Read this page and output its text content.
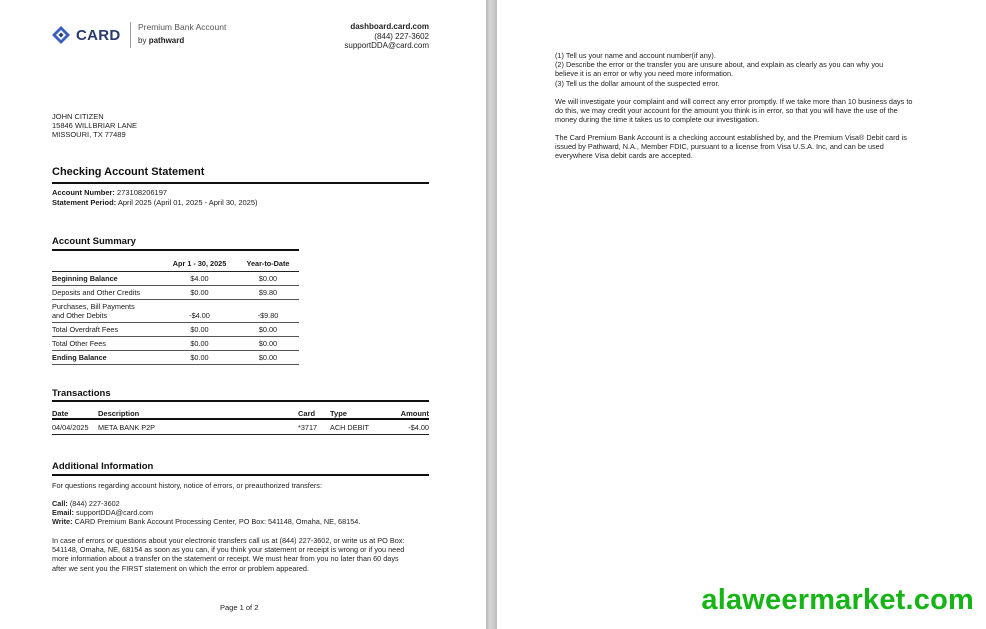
CARD Premium Bank Account
by pathward
dashboard.card.com
(844) 227-3602
supportDDA@card.com
JOHN CITIZEN
15846 WILLBRIAR LANE
MISSOURI, TX 77489
Checking Account Statement
Account Number: 273108206197
Statement Period: April 2025 (April 01, 2025 - April 30, 2025)
Account Summary
	Apr 1 - 30, 2025	Year-to-Date
Beginning Balance	$4.00	$0.00
Deposits and Other Credits	$0.00	$9.80

Purchases, Bill Payments
and Other Debits	-$4.00	-$9.80
Total Overdraft Fees	$0.00	$0.00
Total Other Fees	$0.00	$0.00
Ending Balance	$0.00	$0.00
Transactions
Date	Description	Card Type	Amount
04/04/2025 META BANK P2P	*3717 ACH DEBIT	-$4.00
Additional Information
For questions regarding account history, notice of errors, or preauthorized transfers:
Call: (844) 227-3602
Email: supportDDA@card.com
Write: CARD Premium Bank Account Processing Center, PO Box: 541148, Omaha, NE, 68154.
In case of errors or questions about your electronic transfers call us at (844) 227-3602, or write us at PO Box:
541148, Omaha, NE, 68154 as soon as you can, if you think your statement or receipt is wrong or if you need
more information about a transfer on the statement or receipt. We must hear from you no later than 60 days
after we sent you the FIRST statement on which the error or problem appeared.
Page 1 of 2
(1) Tell us your name and account number(if any).
(2) Describe the error or the transfer you are unsure about, and explain as clearly as you can why you
believe it is an error or why you need more information.
(3) Tell us the dollar amount of the suspected error.
We will investigate your complaint and will correct any error promptly. If we take more than 10 business days to
do this, we may credit your account for the amount you think is in error, so that you will have the use of the
money during the time it takes us to complete our investigation.
The Card Premium Bank Account is a checking account established by, and the Premium Visa® Debit card is
issued by Pathward, N.A., Member FDIC, pursuant to a license from Visa U.S.A. Inc, and can be used
everywhere Visa debit cards are accepted.
alaweermarket.com
